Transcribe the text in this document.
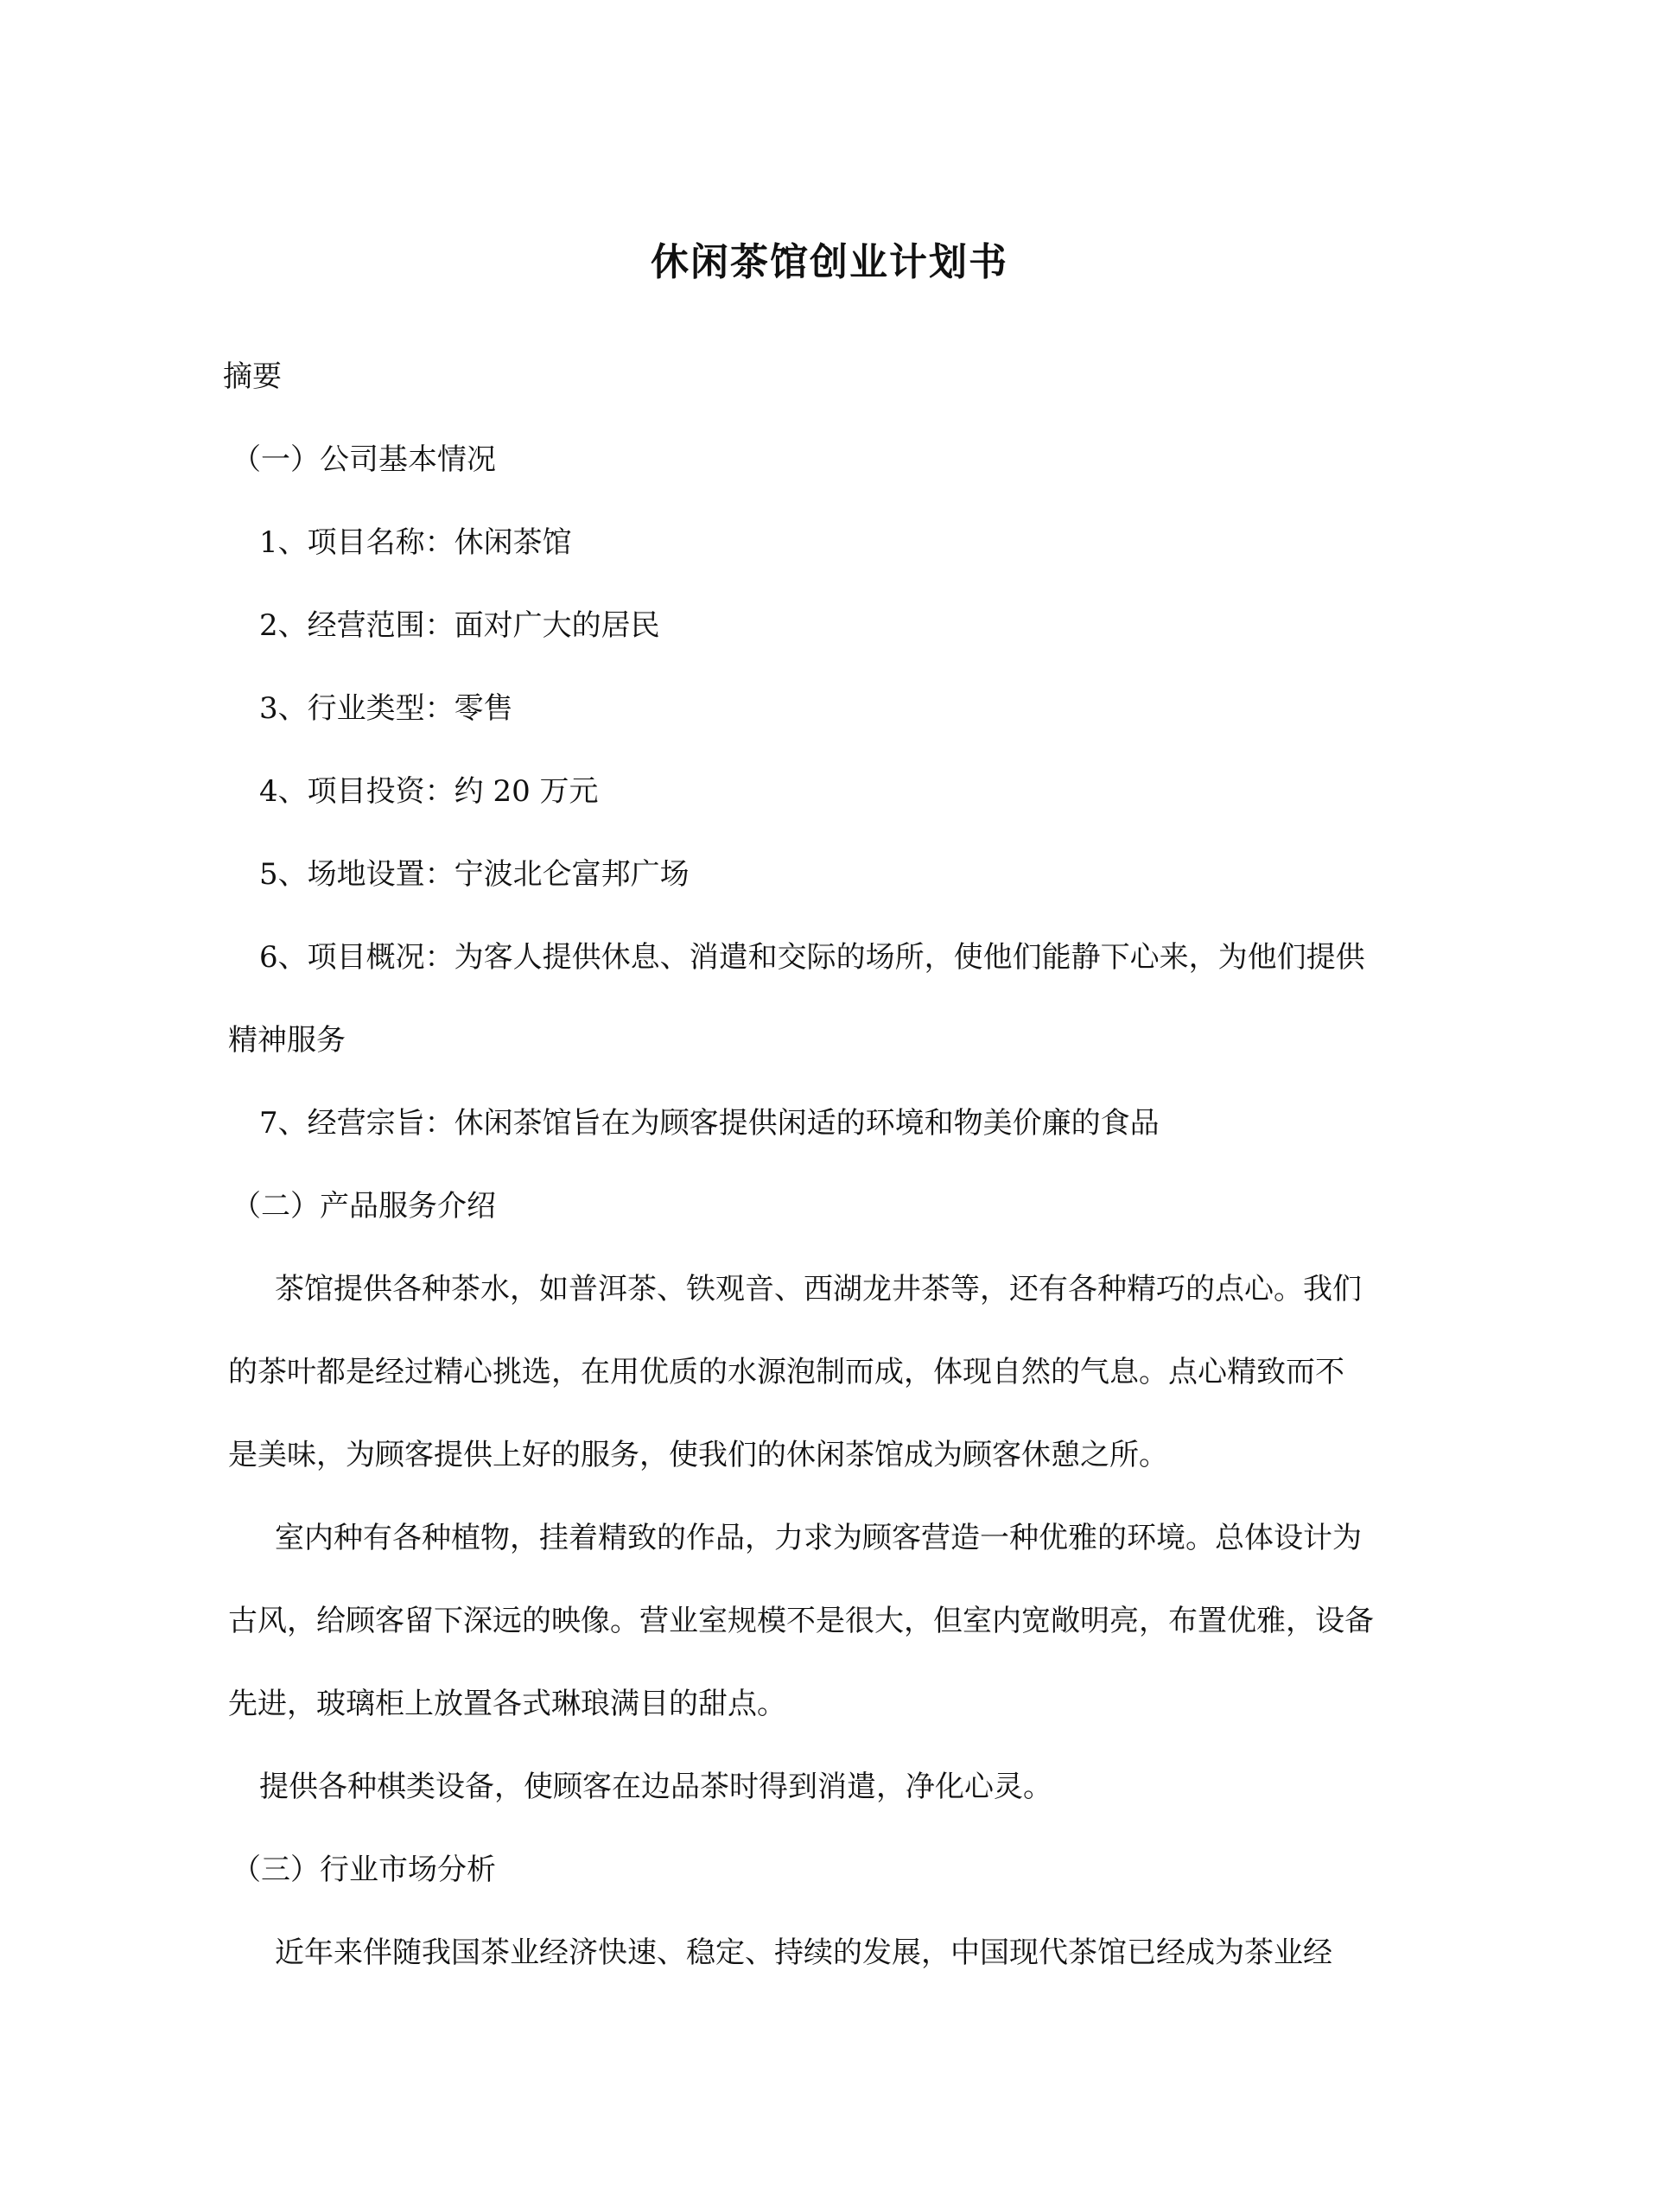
休闲茶馆创业计划书
摘要
（一）公司基本情况
1、项目名称：休闲茶馆
2、经营范围：面对广大的居民
3、行业类型：零售
4、项目投资：约 20 万元
5、场地设置：宁波北仑富邦广场
6、项目概况：为客人提供休息、消遣和交际的场所，使他们能静下心来，为他们提供
精神服务
7、经营宗旨：休闲茶馆旨在为顾客提供闲适的环境和物美价廉的食品
（二）产品服务介绍
茶馆提供各种茶水，如普洱茶、铁观音、西湖龙井茶等，还有各种精巧的点心。我们
的茶叶都是经过精心挑选，在用优质的水源泡制而成，体现自然的气息。点心精致而不
是美味，为顾客提供上好的服务，使我们的休闲茶馆成为顾客休憩之所。
室内种有各种植物，挂着精致的作品，力求为顾客营造一种优雅的环境。总体设计为
古风，给顾客留下深远的映像。营业室规模不是很大，但室内宽敞明亮，布置优雅，设备
先进，玻璃柜上放置各式琳琅满目的甜点。
提供各种棋类设备，使顾客在边品茶时得到消遣，净化心灵。
（三）行业市场分析
近年来伴随我国茶业经济快速、稳定、持续的发展，中国现代茶馆已经成为茶业经
